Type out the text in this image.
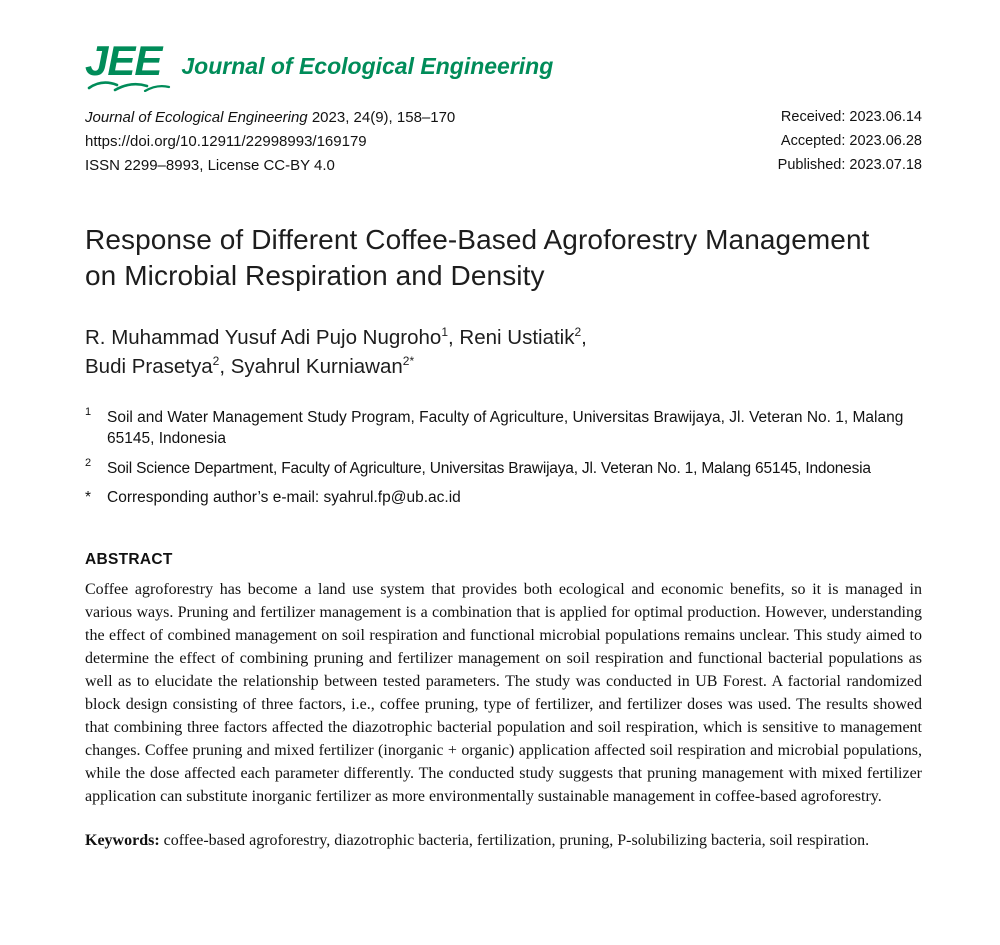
JEE Journal of Ecological Engineering
Journal of Ecological Engineering 2023, 24(9), 158–170
https://doi.org/10.12911/22998993/169179
ISSN 2299–8993, License CC-BY 4.0
Received: 2023.06.14
Accepted: 2023.06.28
Published: 2023.07.18
Response of Different Coffee-Based Agroforestry Management
on Microbial Respiration and Density
R. Muhammad Yusuf Adi Pujo Nugroho$^1$, Reni Ustiatik$^2$,
Budi Prasetya$^2$, Syahrul Kurniawan$^{2*}$
1	Soil and Water Management Study Program, Faculty of Agriculture, Universitas Brawijaya, Jl. Veteran No. 1, Malang 65145, Indonesia
2	Soil Science Department, Faculty of Agriculture, Universitas Brawijaya, Jl. Veteran No. 1, Malang 65145, Indonesia
*	Corresponding author’s e-mail: syahrul.fp@ub.ac.id
ABSTRACT

Coffee agroforestry has become a land use system that provides both ecological and economic benefits, so it is managed in various ways. Pruning and fertilizer management is a combination that is applied for optimal production. However, understanding the effect of combined management on soil respiration and functional microbial populations remains unclear. This study aimed to determine the effect of combining pruning and fertilizer management on soil respiration and functional bacterial populations as well as to elucidate the relationship between tested parameters. The study was conducted in UB Forest. A factorial randomized block design consisting of three factors, i.e., coffee pruning, type of fertilizer, and fertilizer doses was used. The results showed that combining three factors affected the diazotrophic bacterial population and soil respiration, which is sensitive to management changes. Coffee pruning and mixed fertilizer (inorganic + organic) application affected soil respiration and microbial populations, while the dose affected each parameter differently. The conducted study suggests that pruning management with mixed fertilizer application can substitute inorganic fertilizer as more environmentally sustainable management in coffee-based agroforestry.

Keywords: coffee-based agroforestry, diazotrophic bacteria, fertilization, pruning, P-solubilizing bacteria, soil respiration.
